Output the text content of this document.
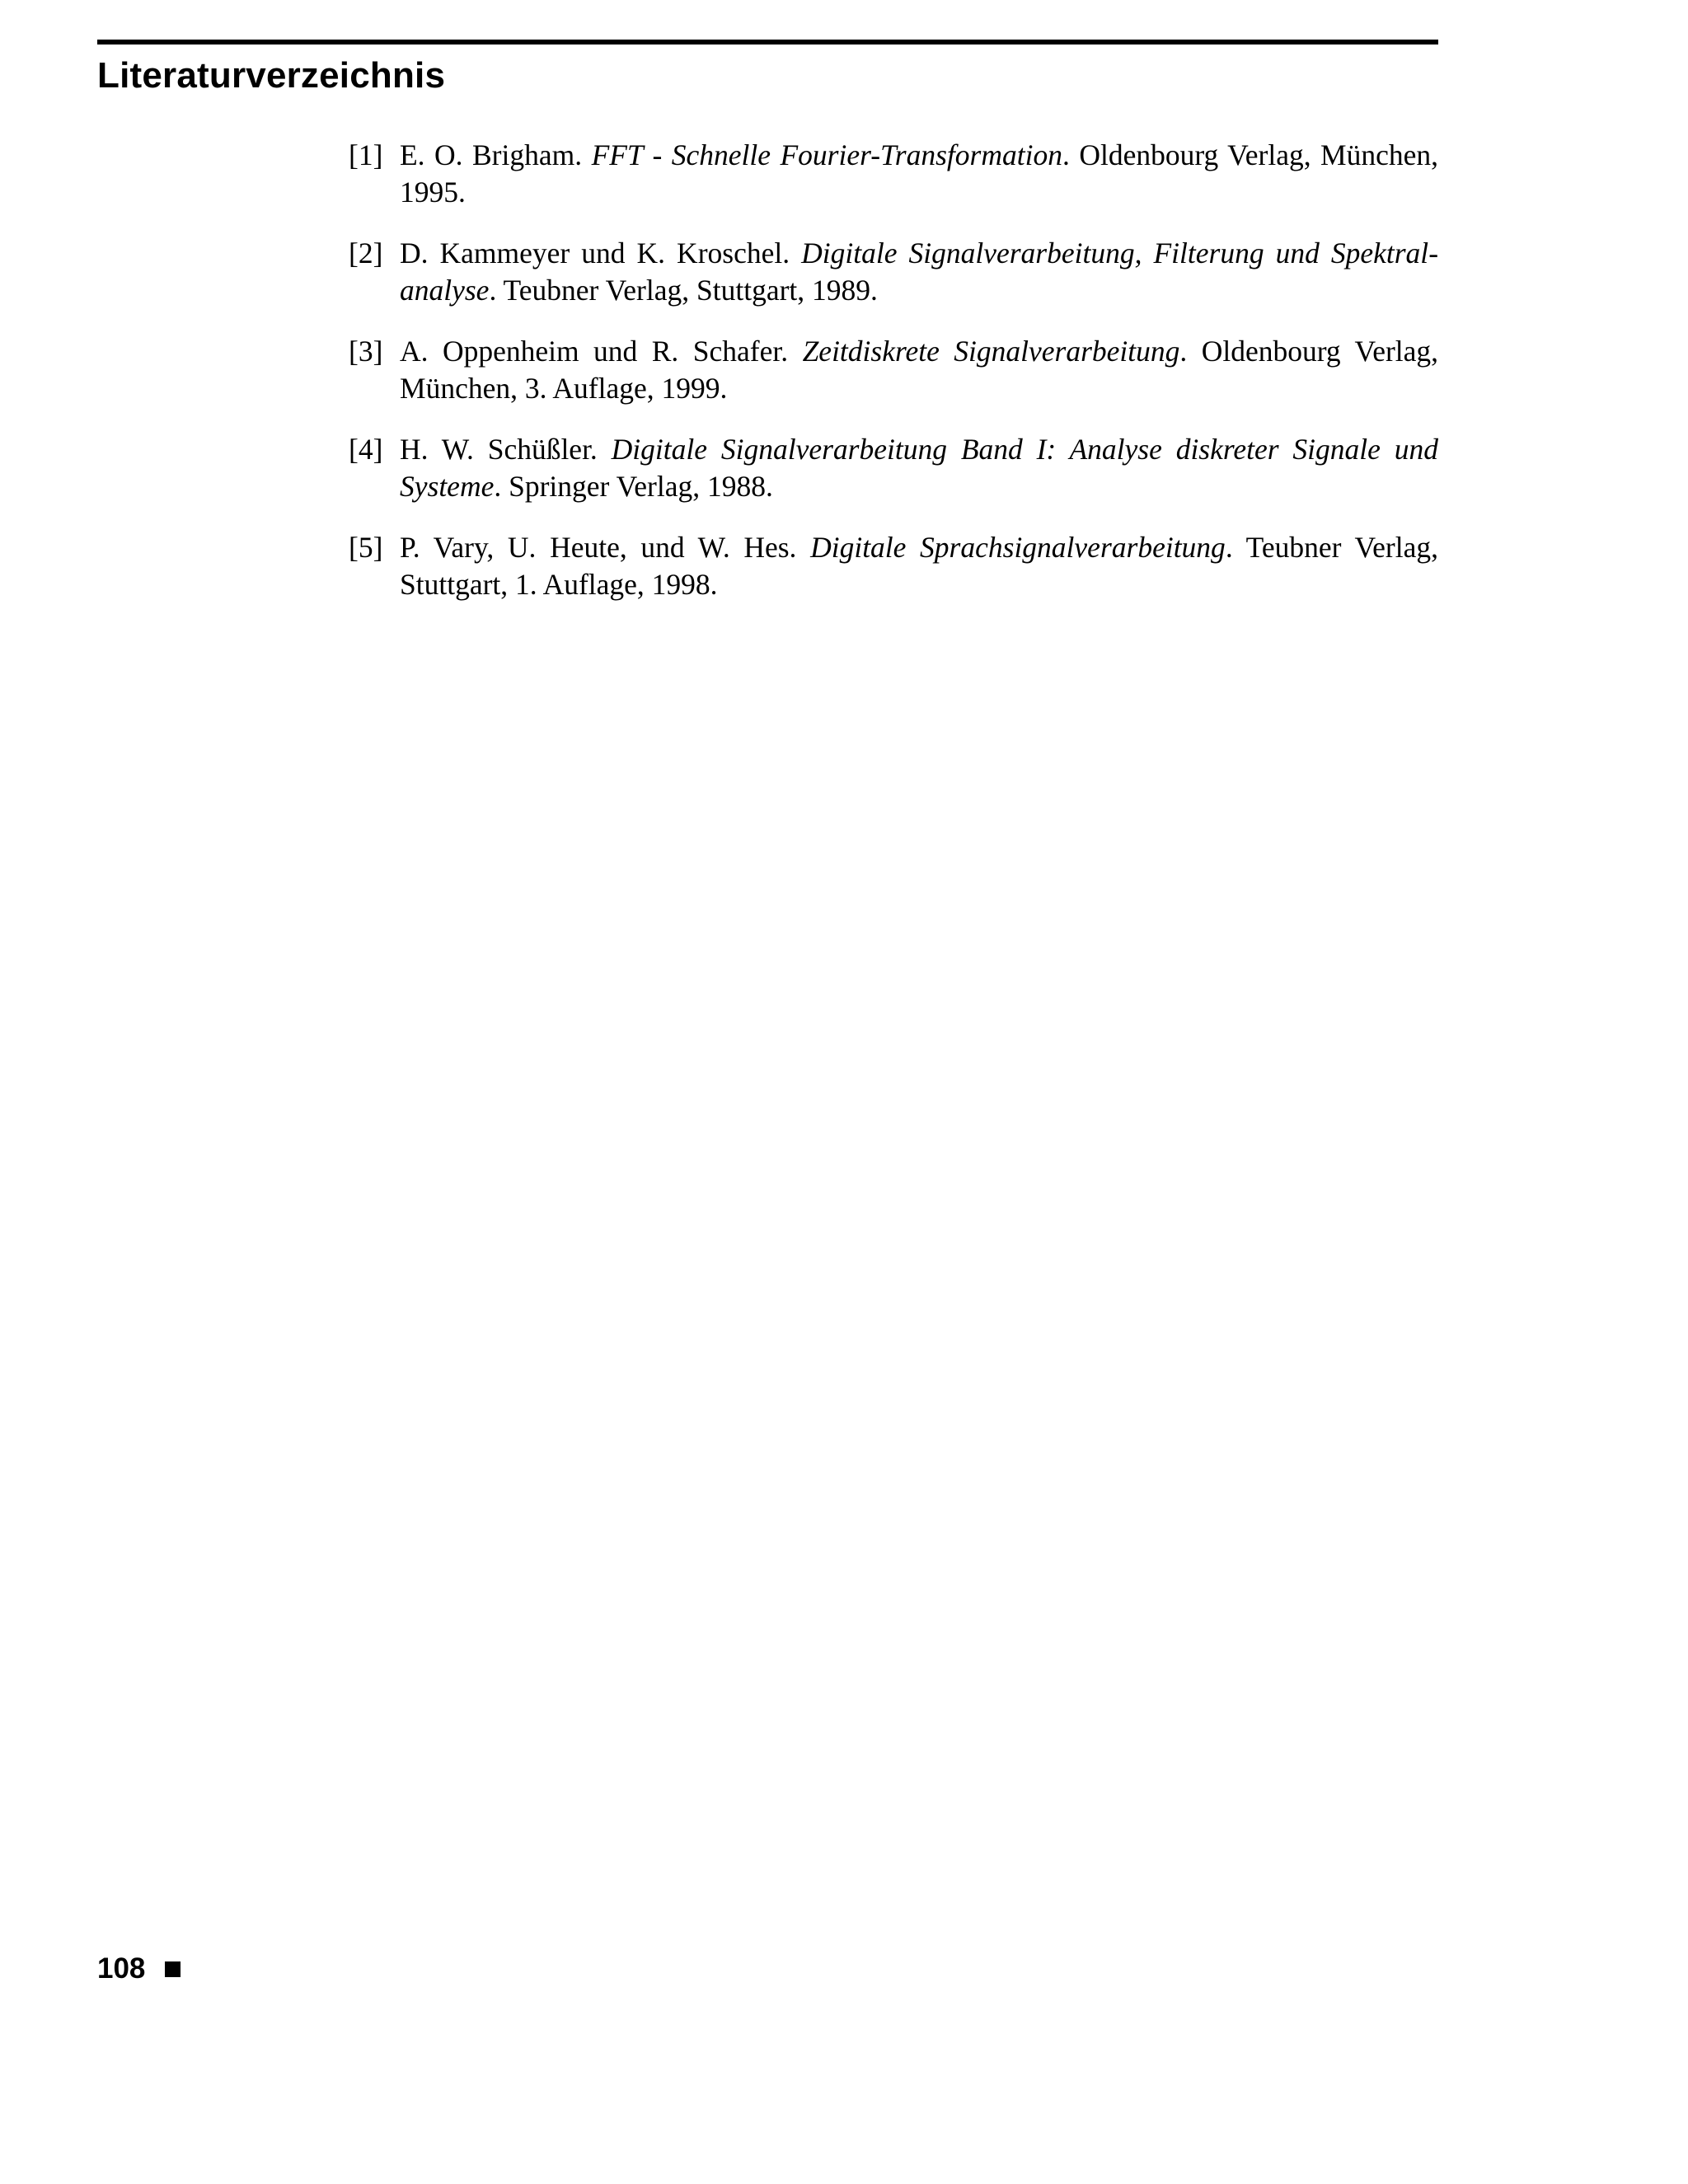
Literaturverzeichnis
[1] E. O. Brigham. FFT - Schnelle Fourier-Transformation. Oldenbourg Verlag, München, 1995.
[2] D. Kammeyer und K. Kroschel. Digitale Signalverarbeitung, Filterung und Spektralanalyse. Teubner Verlag, Stuttgart, 1989.
[3] A. Oppenheim und R. Schafer. Zeitdiskrete Signalverarbeitung. Oldenbourg Verlag, München, 3. Auflage, 1999.
[4] H. W. Schüßler. Digitale Signalverarbeitung Band I: Analyse diskreter Signale und Systeme. Springer Verlag, 1988.
[5] P. Vary, U. Heute, und W. Hes. Digitale Sprachsignalverarbeitung. Teubner Verlag, Stuttgart, 1. Auflage, 1998.
108
